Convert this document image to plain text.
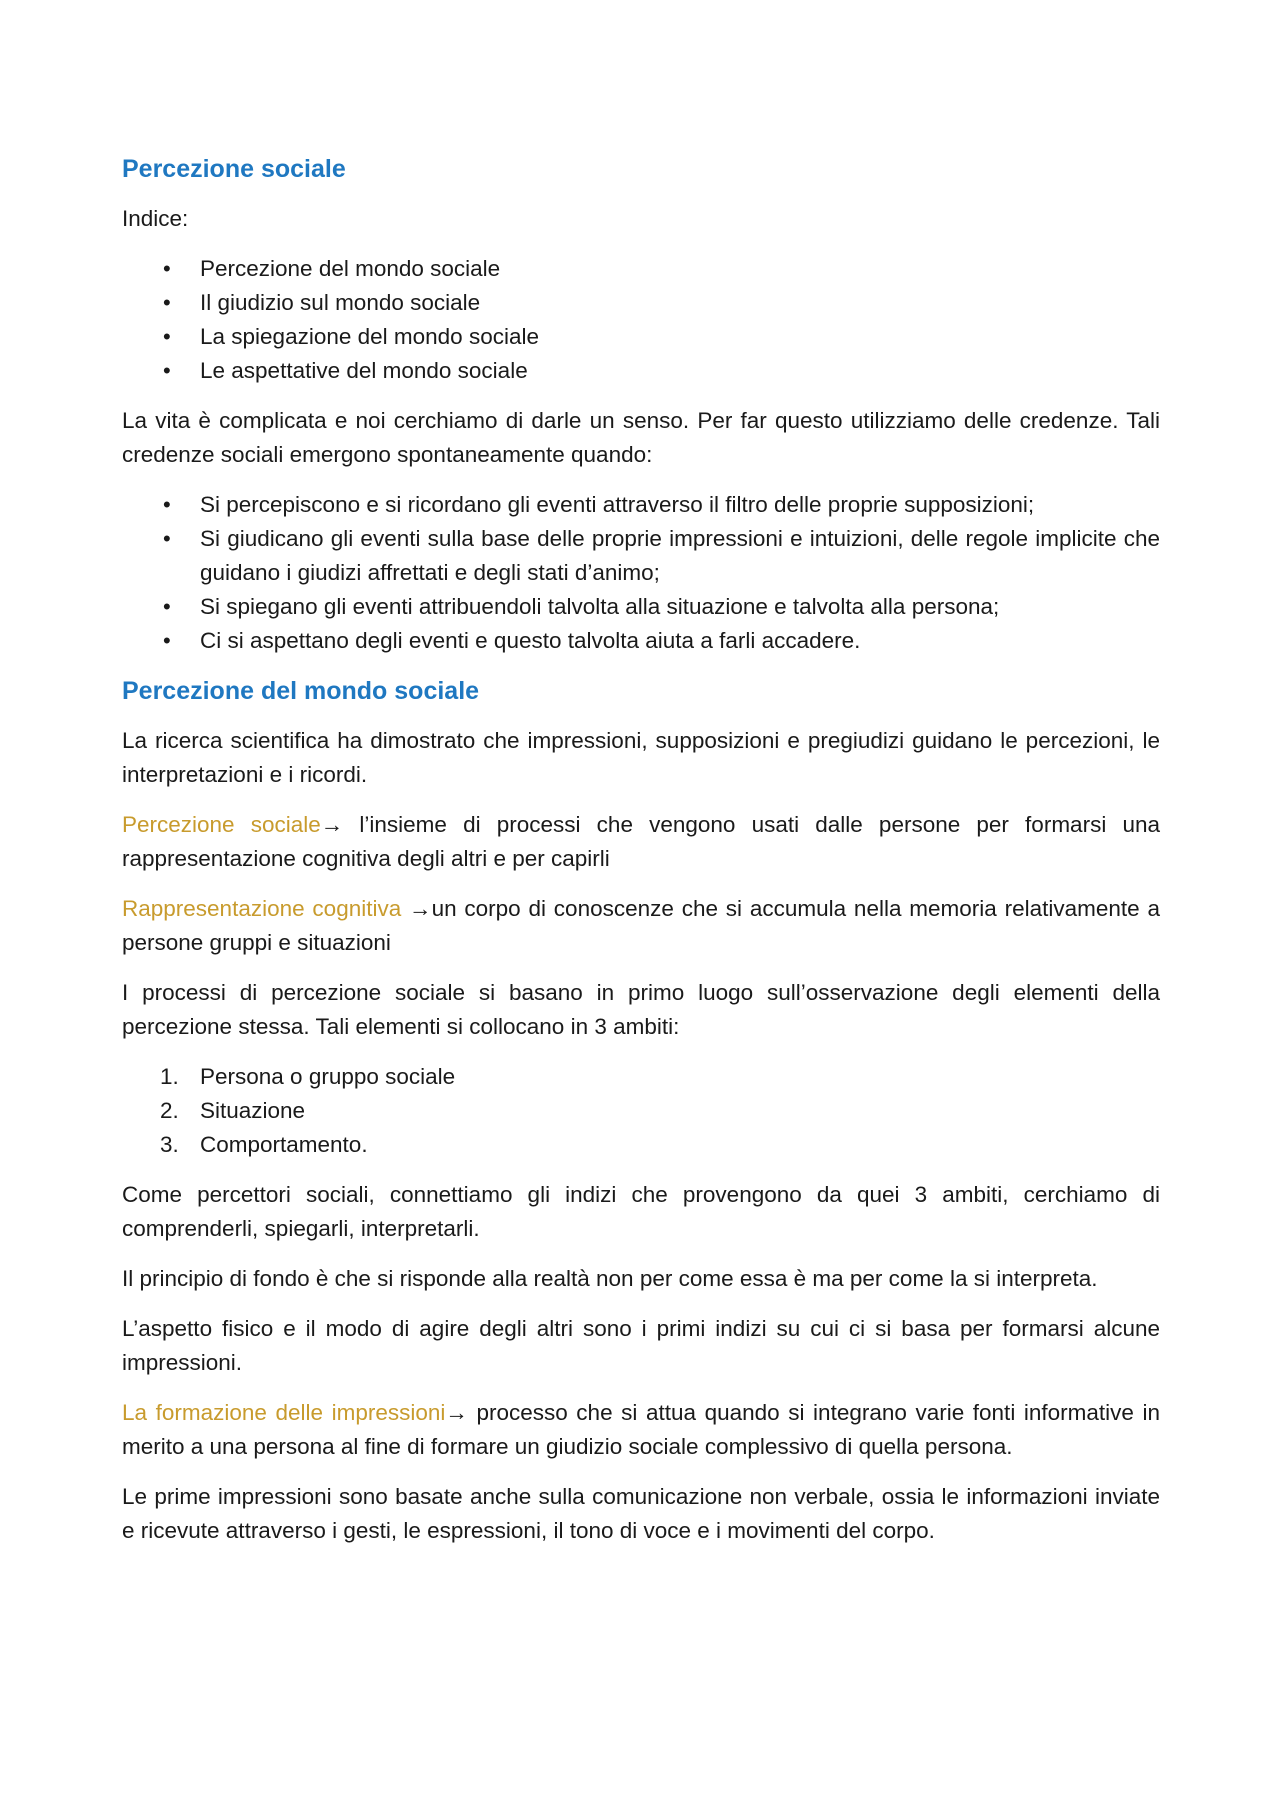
Percezione sociale

Indice:

• Percezione del mondo sociale
• Il giudizio sul mondo sociale
• La spiegazione del mondo sociale
• Le aspettative del mondo sociale

La vita è complicata e noi cerchiamo di darle un senso. Per far questo utilizziamo delle credenze. Tali credenze sociali emergono spontaneamente quando:

• Si percepiscono e si ricordano gli eventi attraverso il filtro delle proprie supposizioni;
• Si giudicano gli eventi sulla base delle proprie impressioni e intuizioni, delle regole implicite che guidano i giudizi affrettati e degli stati d’animo;
• Si spiegano gli eventi attribuendoli talvolta alla situazione e talvolta alla persona;
• Ci si aspettano degli eventi e questo talvolta aiuta a farli accadere.
Percezione del mondo sociale

La ricerca scientifica ha dimostrato che impressioni, supposizioni e pregiudizi guidano le percezioni, le interpretazioni e i ricordi.

Percezione sociale→ l’insieme di processi che vengono usati dalle persone per formarsi una rappresentazione cognitiva degli altri e per capirli

Rappresentazione cognitiva →un corpo di conoscenze che si accumula nella memoria relativamente a persone gruppi e situazioni

I processi di percezione sociale si basano in primo luogo sull’osservazione degli elementi della percezione stessa. Tali elementi si collocano in 3 ambiti:

1. Persona o gruppo sociale
2. Situazione
3. Comportamento.

Come percettori sociali, connettiamo gli indizi che provengono da quei 3 ambiti, cerchiamo di comprenderli, spiegarli, interpretarli.

Il principio di fondo è che si risponde alla realtà non per come essa è ma per come la si interpreta.

L’aspetto fisico e il modo di agire degli altri sono i primi indizi su cui ci si basa per formarsi alcune impressioni.

La formazione delle impressioni→ processo che si attua quando si integrano varie fonti informative in merito a una persona al fine di formare un giudizio sociale complessivo di quella persona.

Le prime impressioni sono basate anche sulla comunicazione non verbale, ossia le informazioni inviate e ricevute attraverso i gesti, le espressioni, il tono di voce e i movimenti del corpo.
